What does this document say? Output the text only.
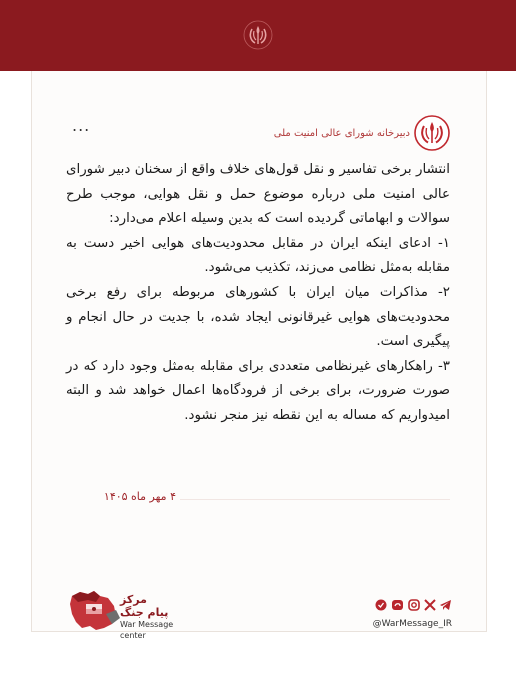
دبیرخانه شورای عالی امنیت ملی
...

انتشار برخی تفاسیر و نقل قول‌های خلاف واقع از سخنان دبیر شورای عالی امنیت ملی درباره موضوع حمل و نقل هوایی، موجب طرح سوالات و ابهاماتی گردیده است که بدین وسیله اعلام می‌دارد:

۱- ادعای اینکه ایران در مقابل محدودیت‌های هوایی اخیر دست به مقابله به‌مثل نظامی می‌زند، تکذیب می‌شود.

۲- مذاکرات میان ایران با کشورهای مربوطه برای رفع برخی محدودیت‌های هوایی غیرقانونی ایجاد شده، با جدیت در حال انجام و پیگیری است.

۳- راهکارهای غیرنظامی متعددی برای مقابله به‌مثل وجود دارد که در صورت ضرورت، برای برخی از فرودگاه‌ها اعمال خواهد شد و البته امیدواریم که مساله به این نقطه نیز منجر نشود.

۴ مهر ماه ۱۴۰۵
مرکز
پیام جنگ
War Message
center
@WarMessage_IR
